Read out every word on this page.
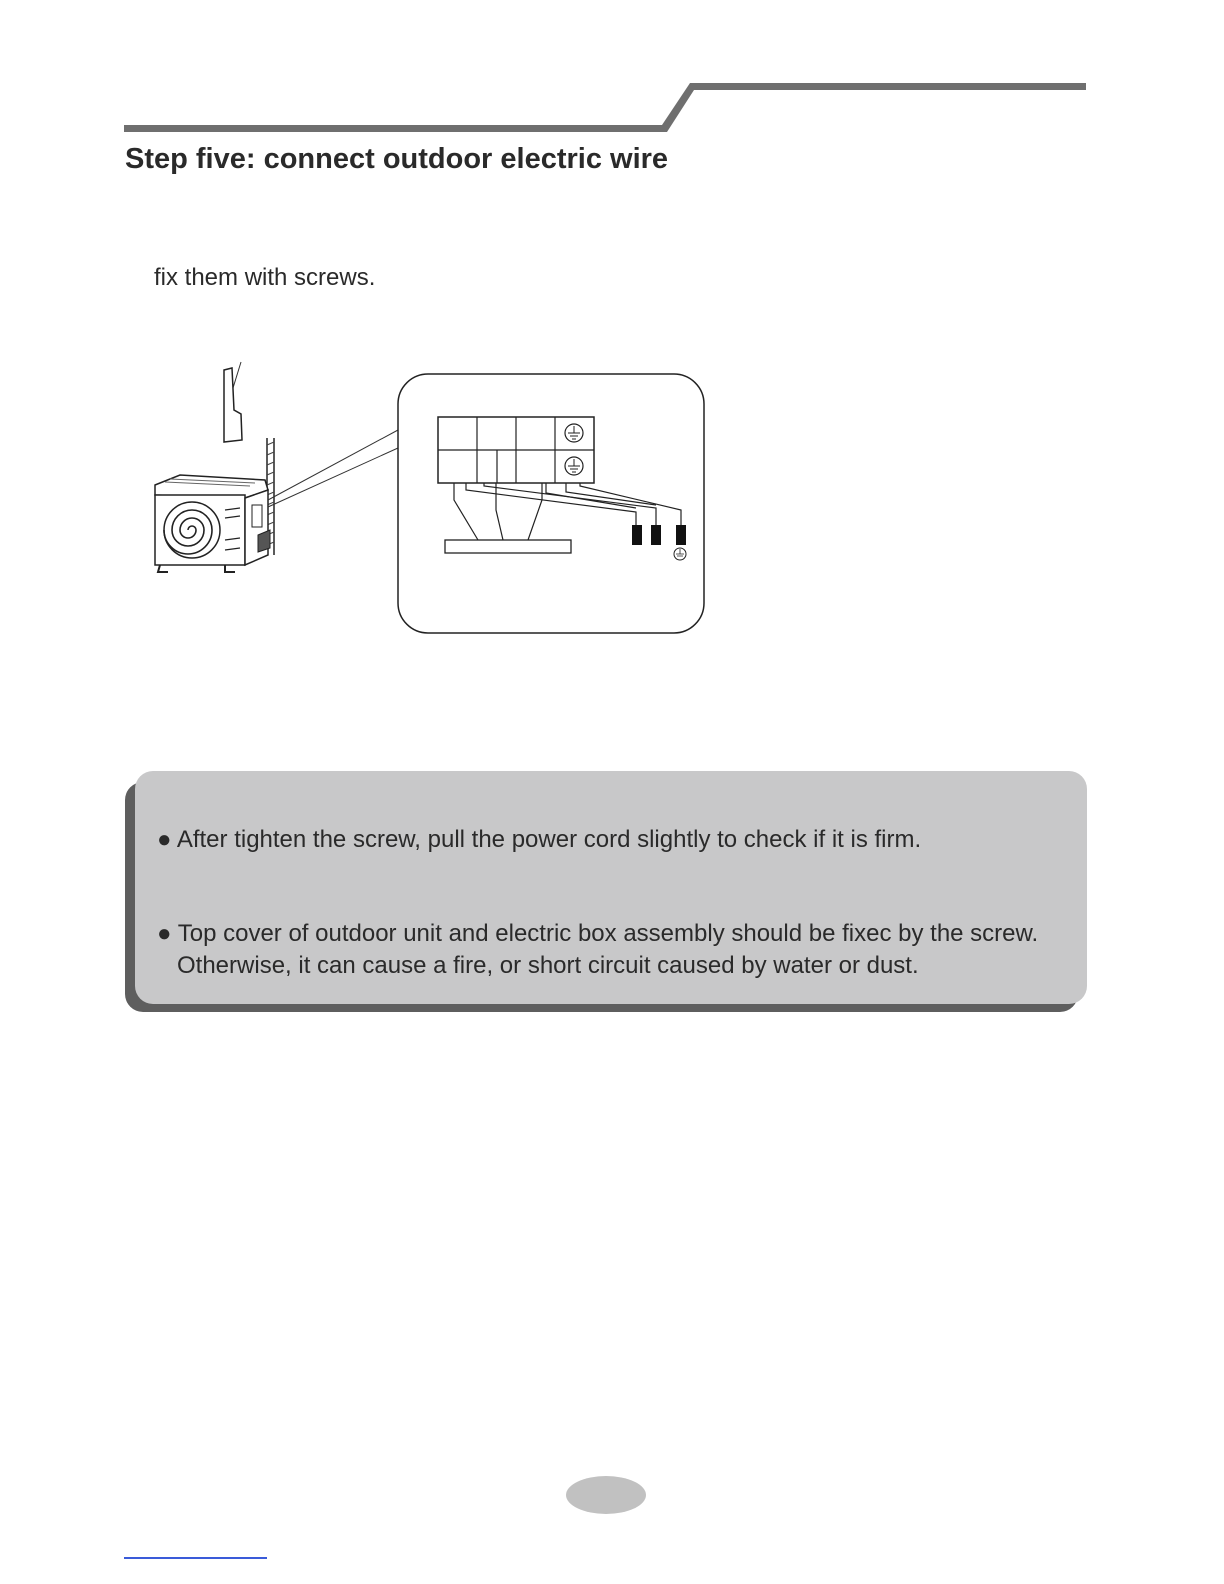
Step five: connect outdoor electric wire

fix them with screws.

● After tighten the screw, pull the power cord slightly to check if it is firm.

● Top cover of outdoor unit and electric box assembly should be fixec by the screw. Otherwise, it can cause a fire, or short circuit caused by water or dust.
